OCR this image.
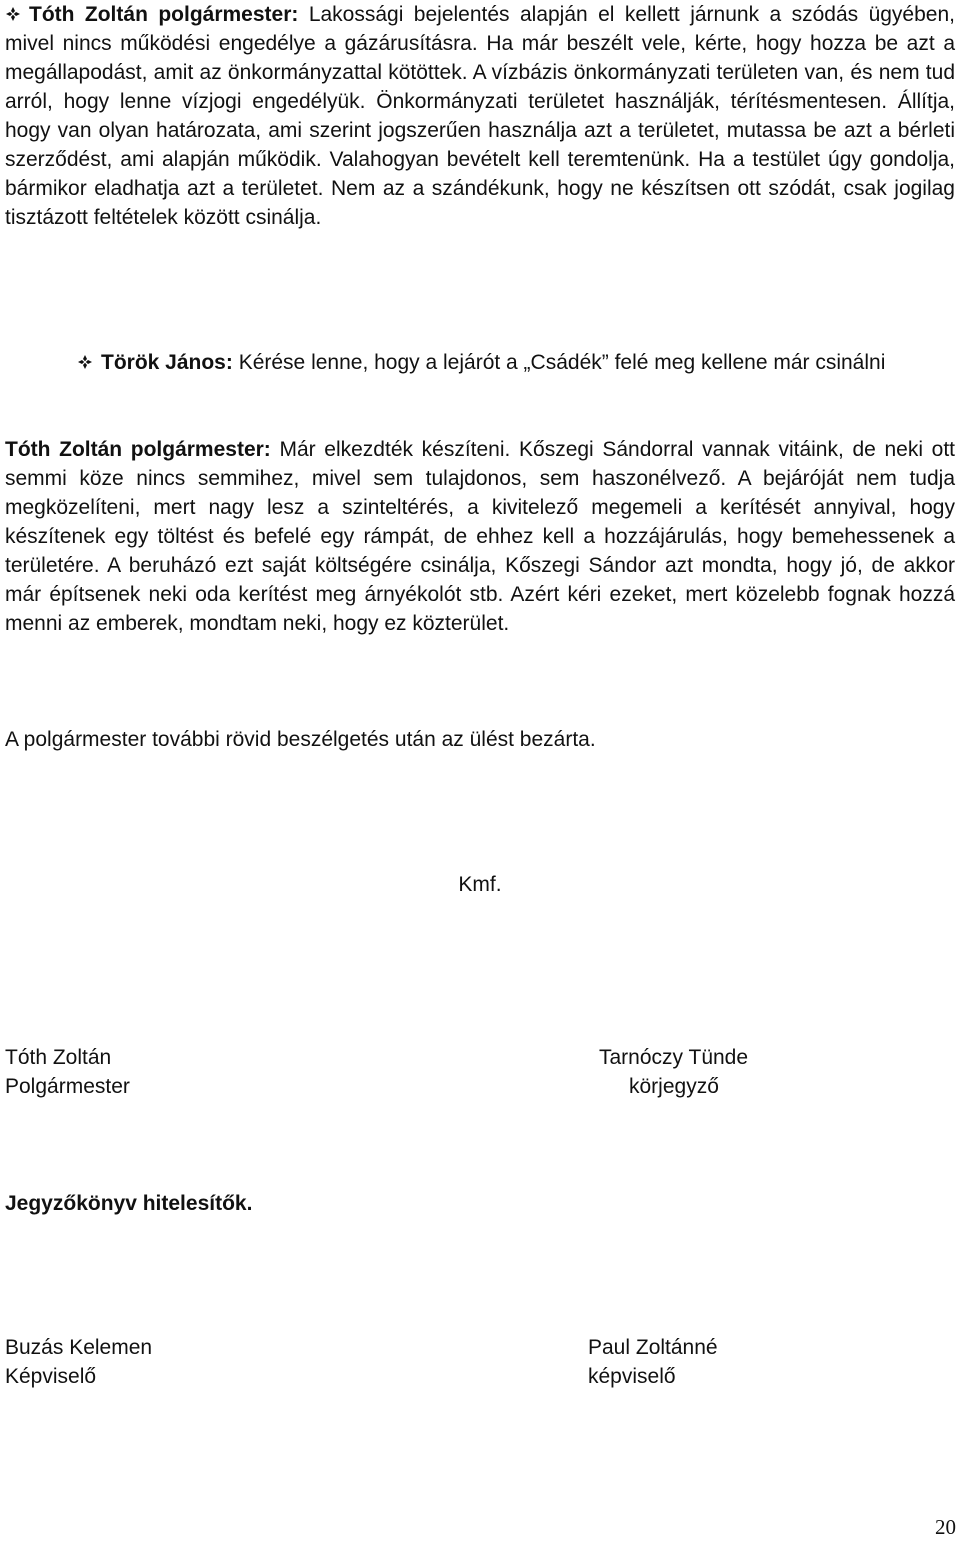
Tóth Zoltán polgármester: Lakossági bejelentés alapján el kellett járnunk a szódás ügyében, mivel nincs működési engedélye a gázárusításra. Ha már beszélt vele, kérte, hogy hozza be azt a megállapodást, amit az önkormányzattal kötöttek. A vízbázis önkormányzati területen van, és nem tud arról, hogy lenne vízjogi engedélyük. Önkormányzati területet használják, térítésmentesen. Állítja, hogy van olyan határozata, ami szerint jogszerűen használja azt a területet, mutassa be azt a bérleti szerződést, ami alapján működik. Valahogyan bevételt kell teremtenünk. Ha a testület úgy gondolja, bármikor eladhatja azt a területet. Nem az a szándékunk, hogy ne készítsen ott szódát, csak jogilag tisztázott feltételek között csinálja.

Török János: Kérése lenne, hogy a lejárót a „Csádék” felé meg kellene már csinálni

Tóth Zoltán polgármester: Már elkezdték készíteni. Kőszegi Sándorral vannak vitáink, de neki ott semmi köze nincs semmihez, mivel sem tulajdonos, sem haszonélvező. A bejáróját nem tudja megközelíteni, mert nagy lesz a szinteltérés, a kivitelező megemeli a kerítését annyival, hogy készítenek egy töltést és befelé egy rámpát, de ehhez kell a hozzájárulás, hogy bemehessenek a területére. A beruházó ezt saját költségére csinálja, Kőszegi Sándor azt mondta, hogy jó, de akkor már építsenek neki oda kerítést meg árnyékolót stb. Azért kéri ezeket, mert közelebb fognak hozzá menni az emberek, mondtam neki, hogy ez közterület.

A polgármester további rövid beszélgetés után az ülést bezárta.

Kmf.

Tóth Zoltán

Polgármester

Tarnóczy Tünde

körjegyző

Jegyzőkönyv hitelesítők.

Buzás Kelemen

Képviselő

Paul Zoltánné

képviselő

20
